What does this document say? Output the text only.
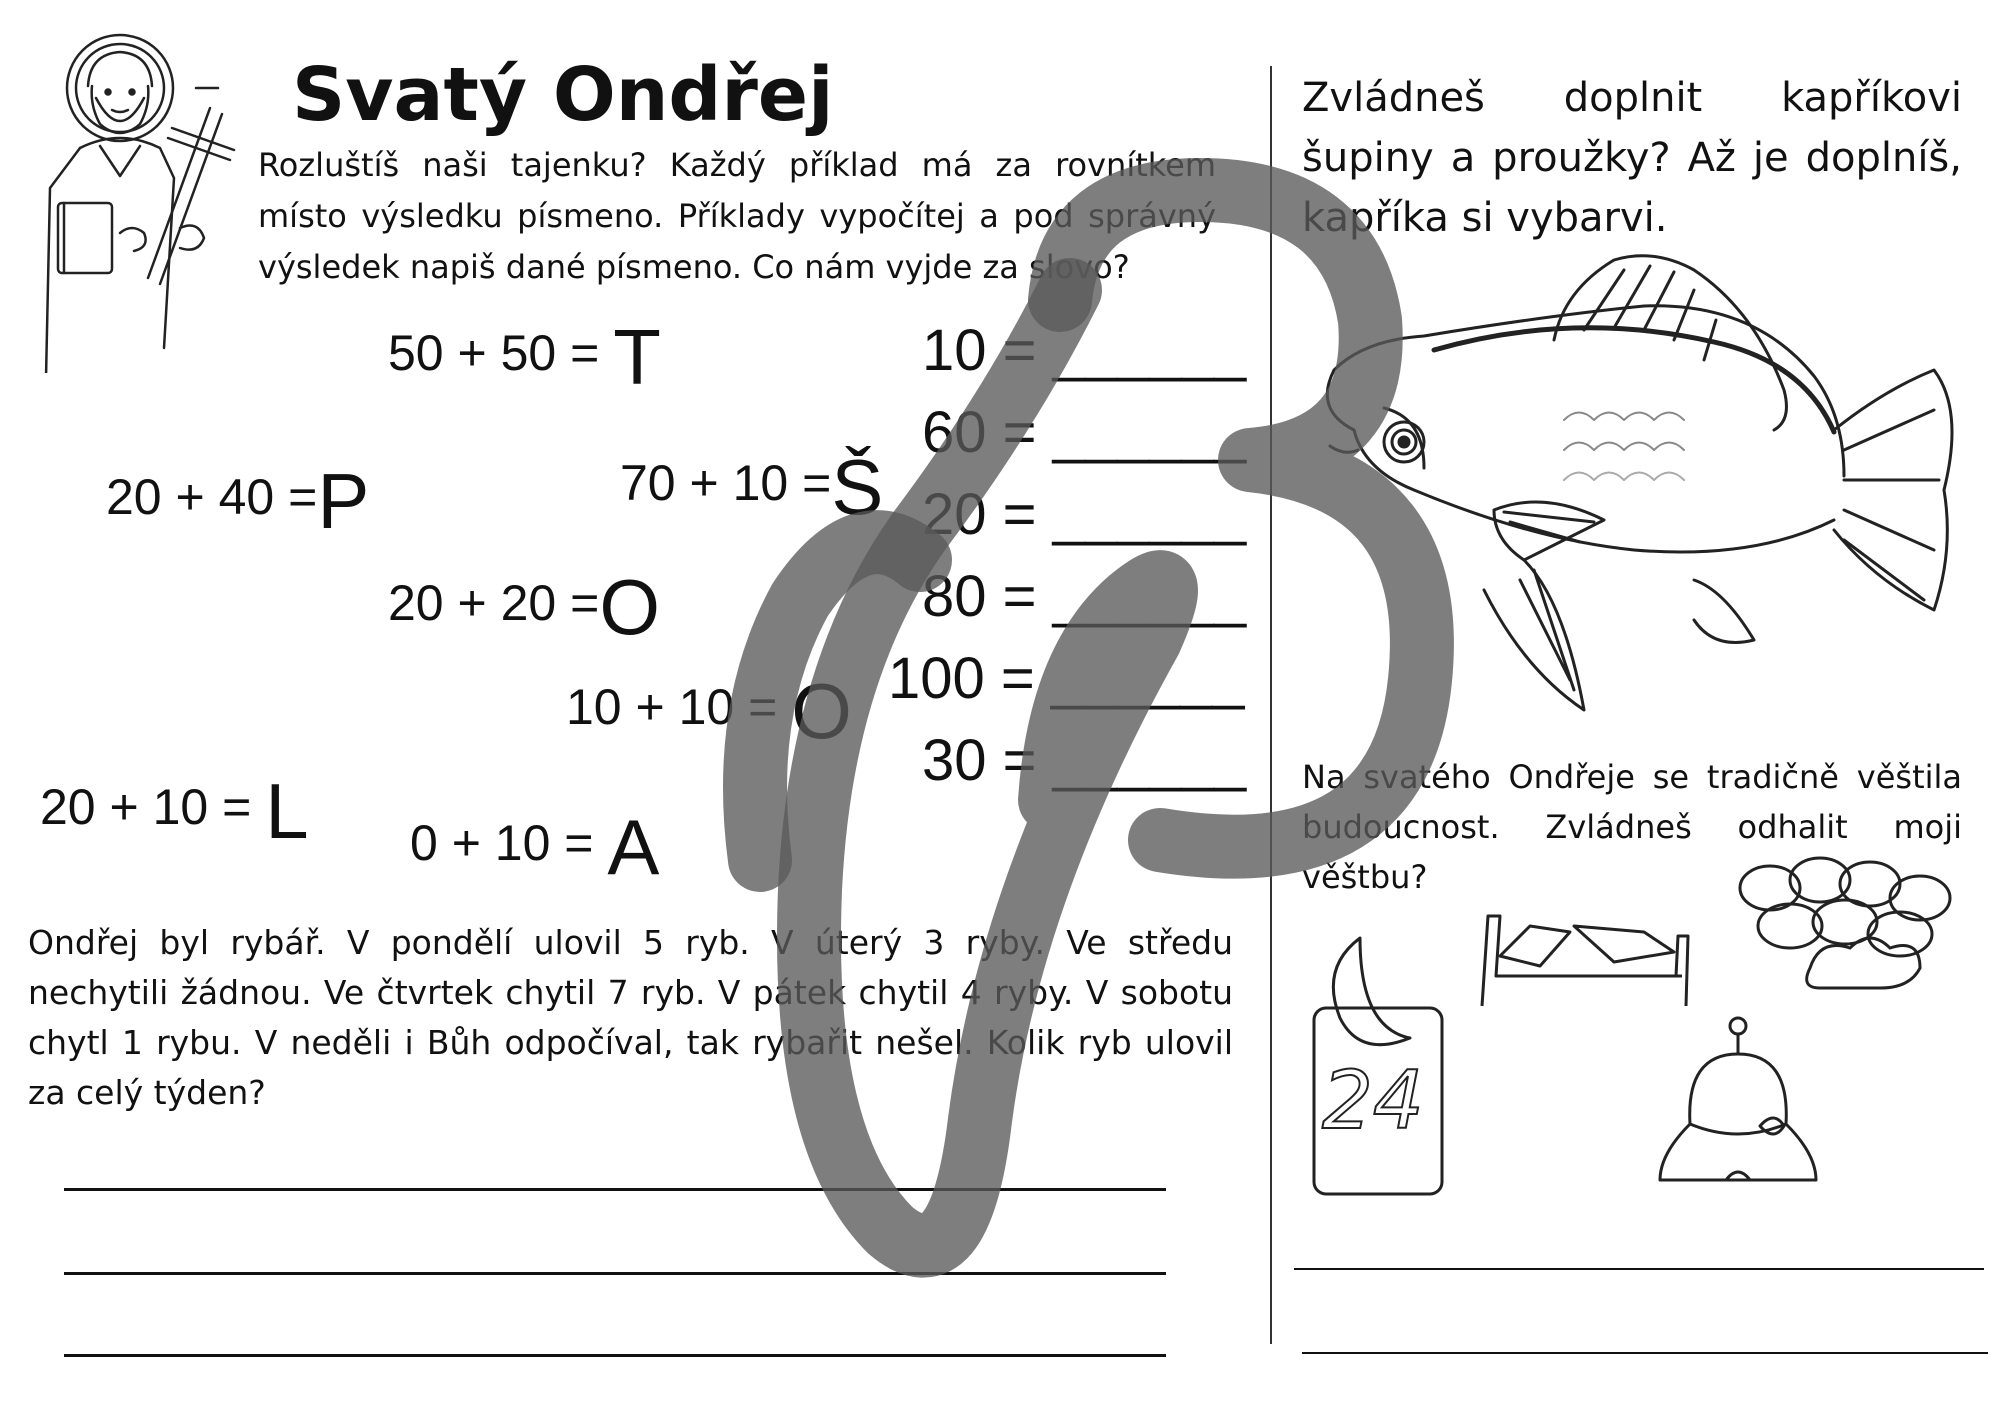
Svatý Ondřej
Rozluštíš naši tajenku? Každý příklad má za rovnítkem místo výsledku písmeno. Příklady vypočítej a pod správný výsledek napiš dané písmeno. Co nám vyjde za slovo?
50 + 50 = T
20 + 40 =P	70 + 10 =Š
20 + 20 =O
10 + 10 = O
20 + 10 = L 0 + 10 = A
10 = ______
60 = ______
20 = ______
80 = ______
100 = ______
30 = ______
Ondřej byl rybář. V pondělí ulovil 5 ryb. V úterý 3 ryby. Ve středu nechytili žádnou. Ve čtvrtek chytil 7 ryb. V pátek chytil 4 ryby. V sobotu chytl 1 rybu. V neděli i Bůh odpočíval, tak rybařit nešel. Kolik ryb ulovil za celý týden?
Zvládneš doplnit kapříkovi šupiny a proužky? Až je doplníš, kapříka si vybarvi.
Na svatého Ondřeje se tradičně věštila budoucnost. Zvládneš odhalit moji věštbu?
24
